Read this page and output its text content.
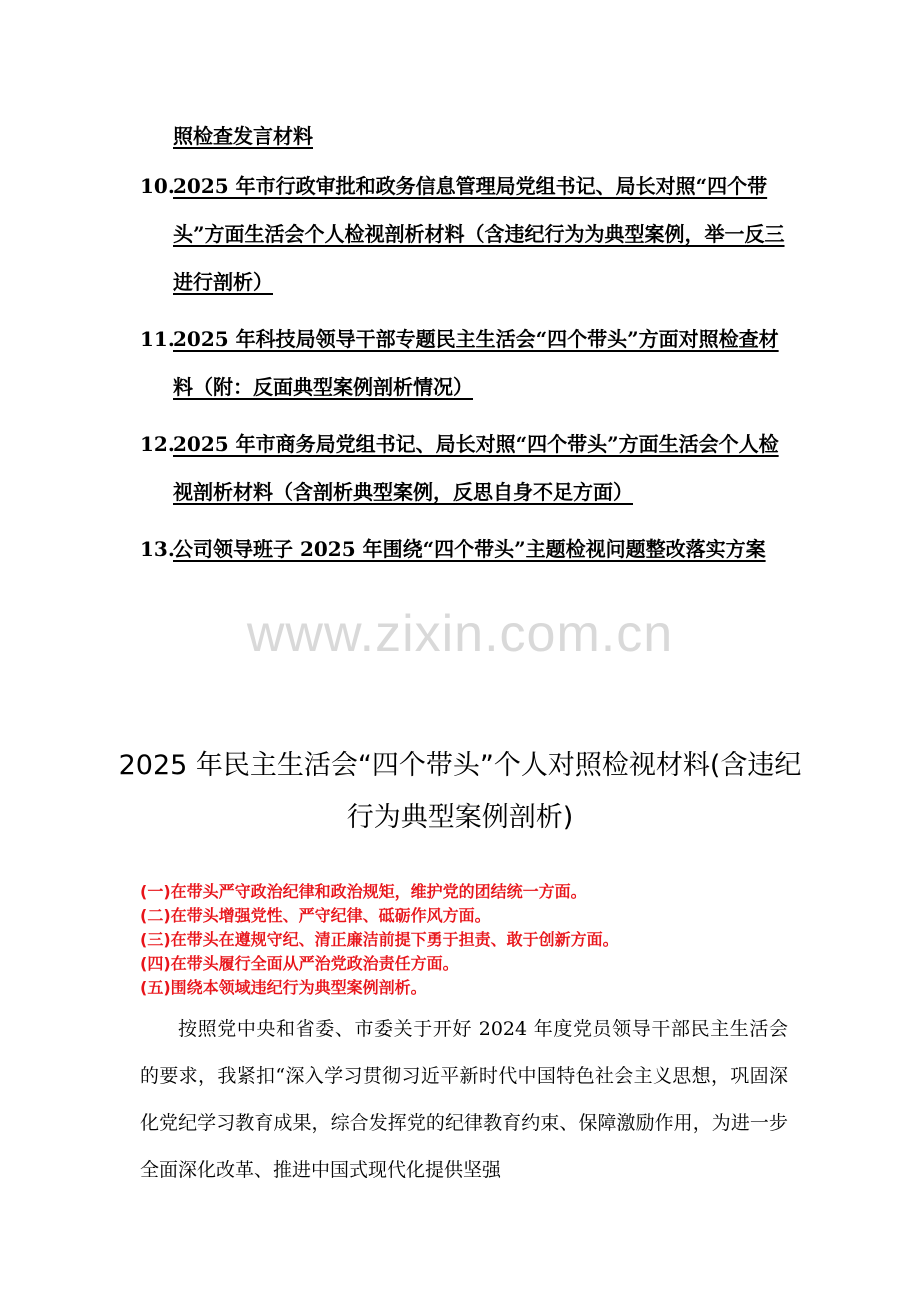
照检查发言材料
10.
2025 年市行政审批和政务信息管理局党组书记、局长对照“四个带头”方面生活会个人检视剖析材料（含违纪行为为典型案例，举一反三进行剖析）
11.
2025 年科技局领导干部专题民主生活会“四个带头”方面对照检查材料（附：反面典型案例剖析情况）
12.
2025 年市商务局党组书记、局长对照“四个带头”方面生活会个人检视剖析材料（含剖析典型案例，反思自身不足方面）
13.
公司领导班子 2025 年围绕“四个带头”主题检视问题整改落实方案
www.zixin.com.cn
2025 年民主生活会“四个带头”个人对照检视材料(含违纪行为典型案例剖析)
(一)在带头严守政治纪律和政治规矩，维护党的团结统一方面。
(二)在带头增强党性、严守纪律、砥砺作风方面。
(三)在带头在遵规守纪、清正廉洁前提下勇于担责、敢于创新方面。
(四)在带头履行全面从严治党政治责任方面。
(五)围绕本领域违纪行为典型案例剖析。

按照党中央和省委、市委关于开好 2024 年度党员领导干部民主生活会的要求，我紧扣“深入学习贯彻习近平新时代中国特色社会主义思想，巩固深化党纪学习教育成果，综合发挥党的纪律教育约束、保障激励作用，为进一步全面深化改革、推进中国式现代化提供坚强
